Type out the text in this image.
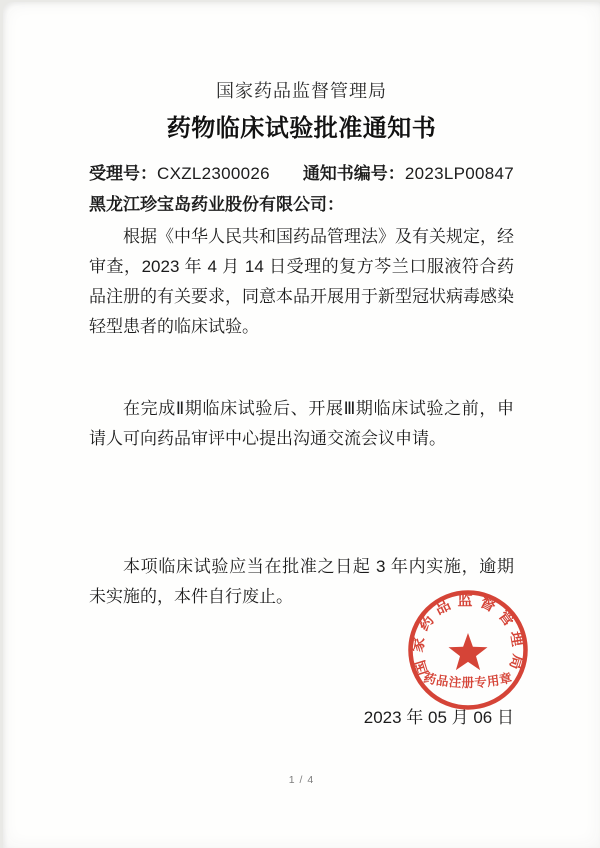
国家药品监督管理局
药物临床试验批准通知书
受理号：CXZL2300026 通知书编号：2023LP00847
黑龙江珍宝岛药业股份有限公司：

根据《中华人民共和国药品管理法》及有关规定，经审查，2023 年 4 月 14 日受理的复方芩兰口服液符合药品注册的有关要求，同意本品开展用于新型冠状病毒感染轻型患者的临床试验。

在完成Ⅱ期临床试验后、开展Ⅲ期临床试验之前，申请人可向药品审评中心提出沟通交流会议申请。

本项临床试验应当在批准之日起 3 年内实施，逾期未实施的，本件自行废止。

2023 年 05 月 06 日
1 / 4
国家药品监督管理局
药品注册专用章
